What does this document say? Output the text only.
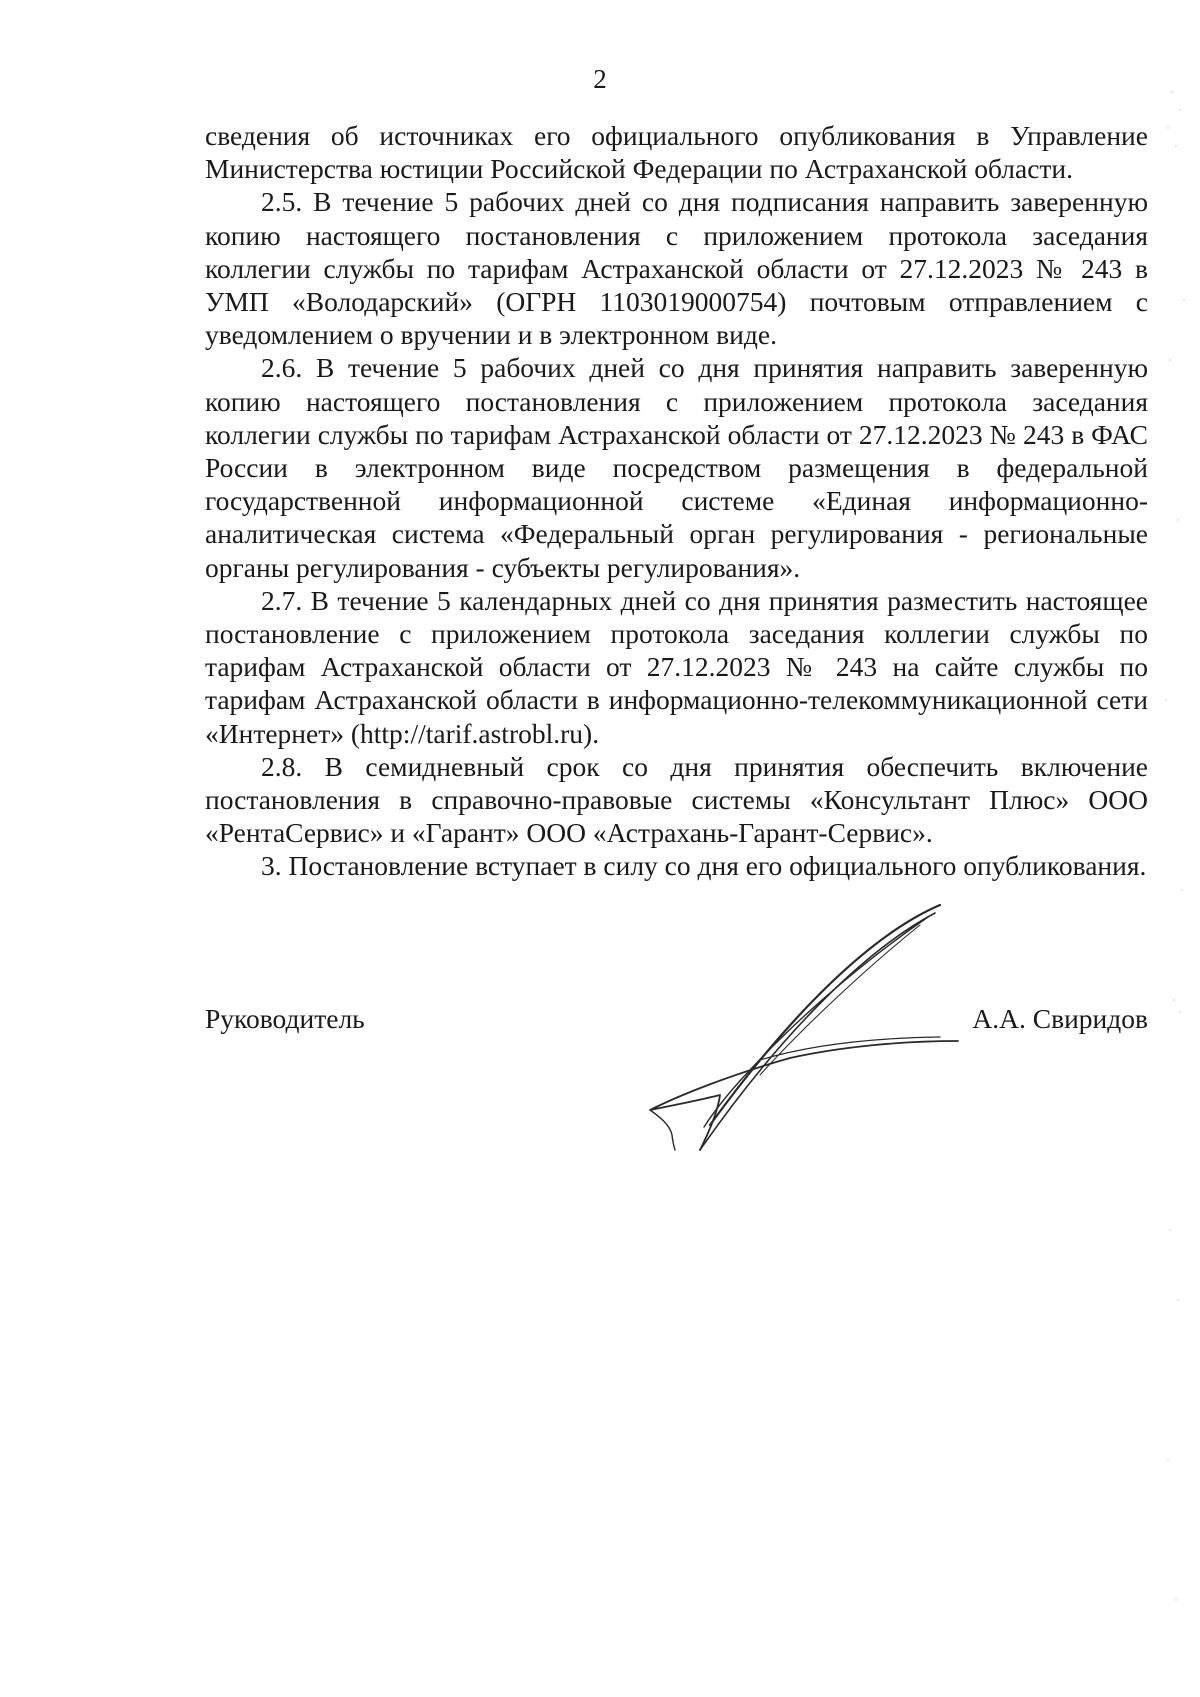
2

сведения об источниках его официального опубликования в Управление Министерства юстиции Российской Федерации по Астраханской области.

2.5. В течение 5 рабочих дней со дня подписания направить заверенную копию настоящего постановления с приложением протокола заседания коллегии службы по тарифам Астраханской области от 27.12.2023 № 243 в УМП «Володарский» (ОГРН 1103019000754) почтовым отправлением с уведомлением о вручении и в электронном виде.

2.6. В течение 5 рабочих дней со дня принятия направить заверенную копию настоящего постановления с приложением протокола заседания коллегии службы по тарифам Астраханской области от 27.12.2023 № 243 в ФАС России в электронном виде посредством размещения в федеральной государственной информационной системе «Единая информационно-аналитическая система «Федеральный орган регулирования - региональные органы регулирования - субъекты регулирования».

2.7. В течение 5 календарных дней со дня принятия разместить настоящее постановление с приложением протокола заседания коллегии службы по тарифам Астраханской области от 27.12.2023 № 243 на сайте службы по тарифам Астраханской области в информационно-телекоммуникационной сети «Интернет» (http://tarif.astrobl.ru).

2.8. В семидневный срок со дня принятия обеспечить включение постановления в справочно-правовые системы «Консультант Плюс» ООО «РентаСервис» и «Гарант» ООО «Астрахань-Гарант-Сервис».

3. Постановление вступает в силу со дня его официального опубликования.

Руководитель	А.А. Свиридов
